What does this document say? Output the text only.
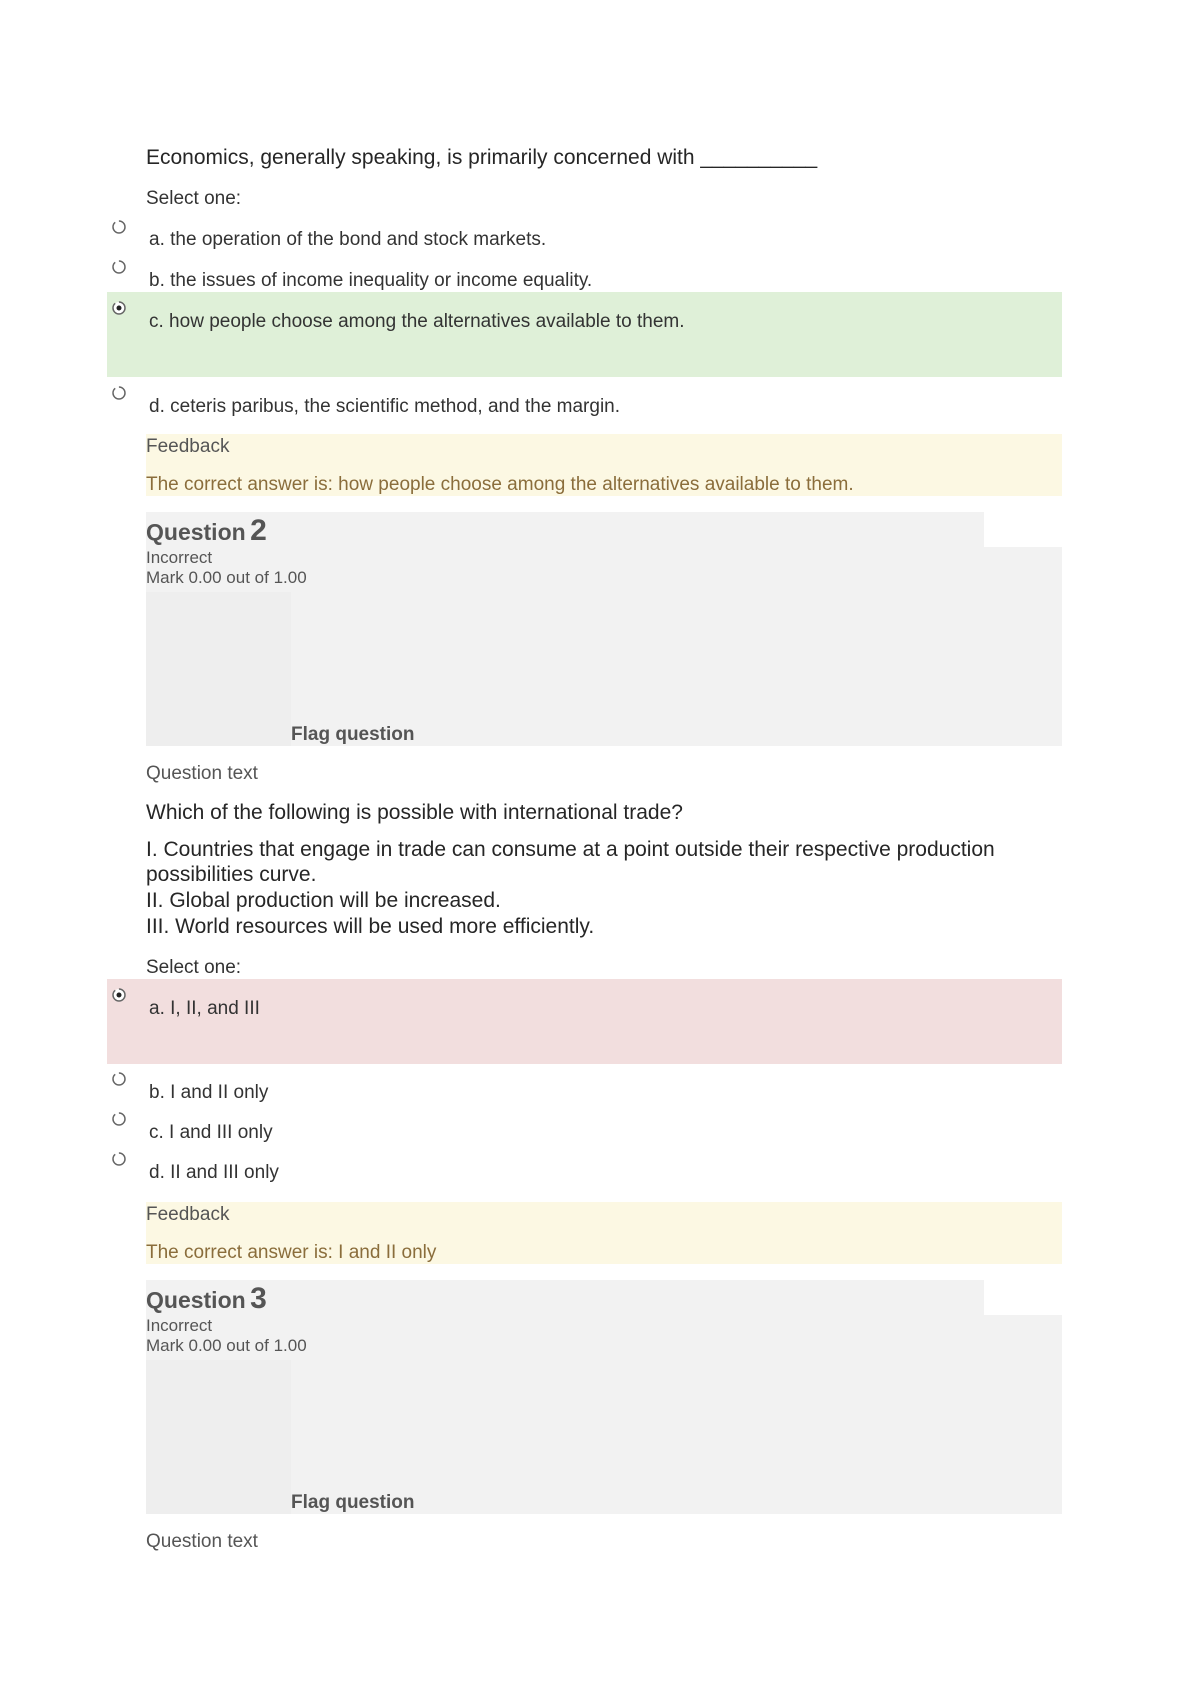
Economics, generally speaking, is primarily concerned with __________
Select one:
a. the operation of the bond and stock markets.
b. the issues of income inequality or income equality.
c. how people choose among the alternatives available to them.
d. ceteris paribus, the scientific method, and the margin.
Feedback
The correct answer is: how people choose among the alternatives available to them.
Question 2
Incorrect
Mark 0.00 out of 1.00
Flag question
Question text
Which of the following is possible with international trade?
I. Countries that engage in trade can consume at a point outside their respective production
possibilities curve.
II. Global production will be increased.
III. World resources will be used more efficiently.
Select one:
a. I, II, and III
b. I and II only
c. I and III only
d. II and III only
Feedback
The correct answer is: I and II only
Question 3
Incorrect
Mark 0.00 out of 1.00
Flag question
Question text
